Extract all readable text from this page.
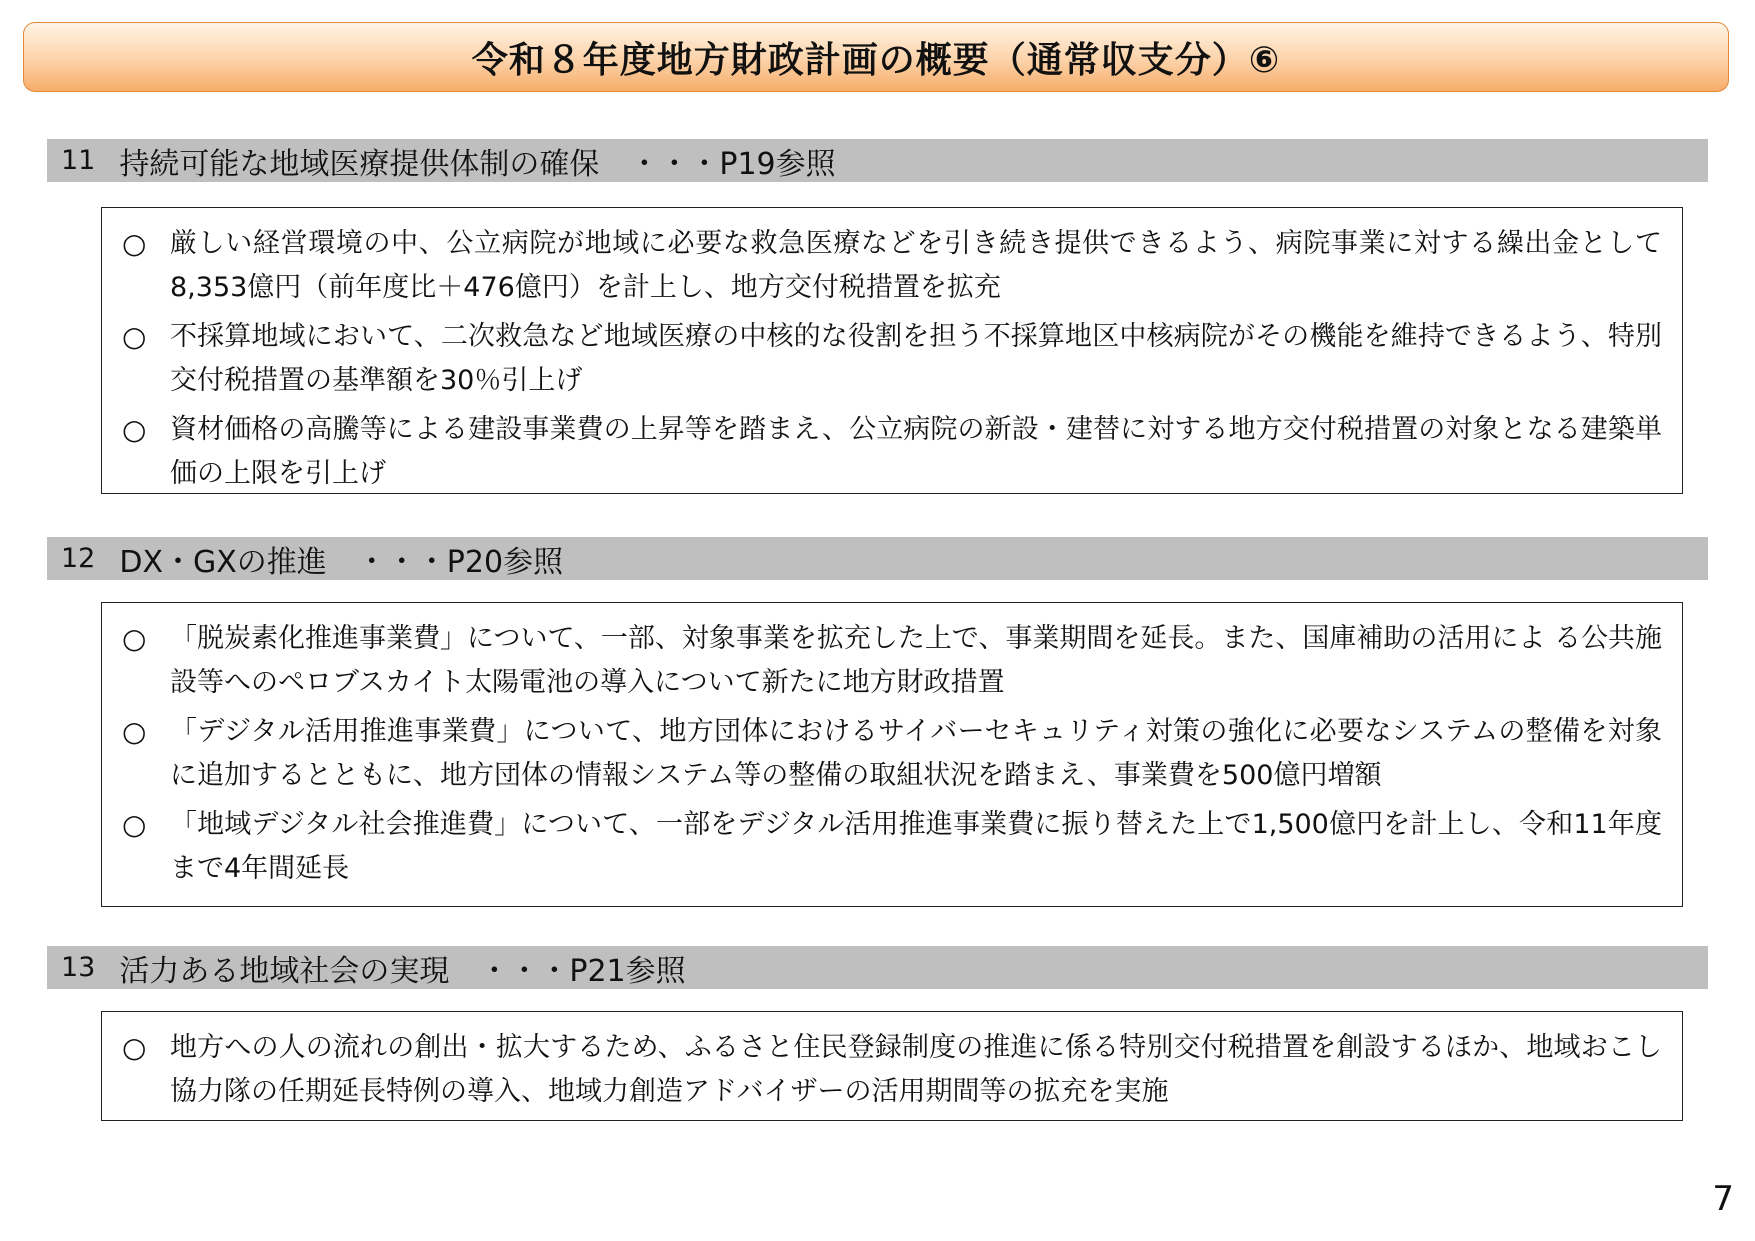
令和８年度地方財政計画の概要（通常収支分）⑥
11 持続可能な地域医療提供体制の確保　・・・P19参照
○ 厳しい経営環境の中、公立病院が地域に必要な救急医療などを引き続き提供できるよう、病院事業に対する繰出金として8,353億円（前年度比＋476億円）を計上し、地方交付税措置を拡充
○ 不採算地域において、二次救急など地域医療の中核的な役割を担う不採算地区中核病院がその機能を維持できるよう、特別交付税措置の基準額を30％引上げ
○ 資材価格の高騰等による建設事業費の上昇等を踏まえ、公立病院の新設・建替に対する地方交付税措置の対象となる建築単価の上限を引上げ
12 DX・GXの推進　・・・P20参照
○ 「脱炭素化推進事業費」について、一部、対象事業を拡充した上で、事業期間を延長。また、国庫補助の活用によ る公共施設等へのペロブスカイト太陽電池の導入について新たに地方財政措置
○ 「デジタル活用推進事業費」について、地方団体におけるサイバーセキュリティ対策の強化に必要なシステムの整備を対象に追加するとともに、地方団体の情報システム等の整備の取組状況を踏まえ、事業費を500億円増額
○ 「地域デジタル社会推進費」について、一部をデジタル活用推進事業費に振り替えた上で1,500億円を計上し、令和11年度まで4年間延長
13 活力ある地域社会の実現　・・・P21参照
○ 地方への人の流れの創出・拡大するため、ふるさと住民登録制度の推進に係る特別交付税措置を創設するほか、地域おこし協力隊の任期延長特例の導入、地域力創造アドバイザーの活用期間等の拡充を実施
7
